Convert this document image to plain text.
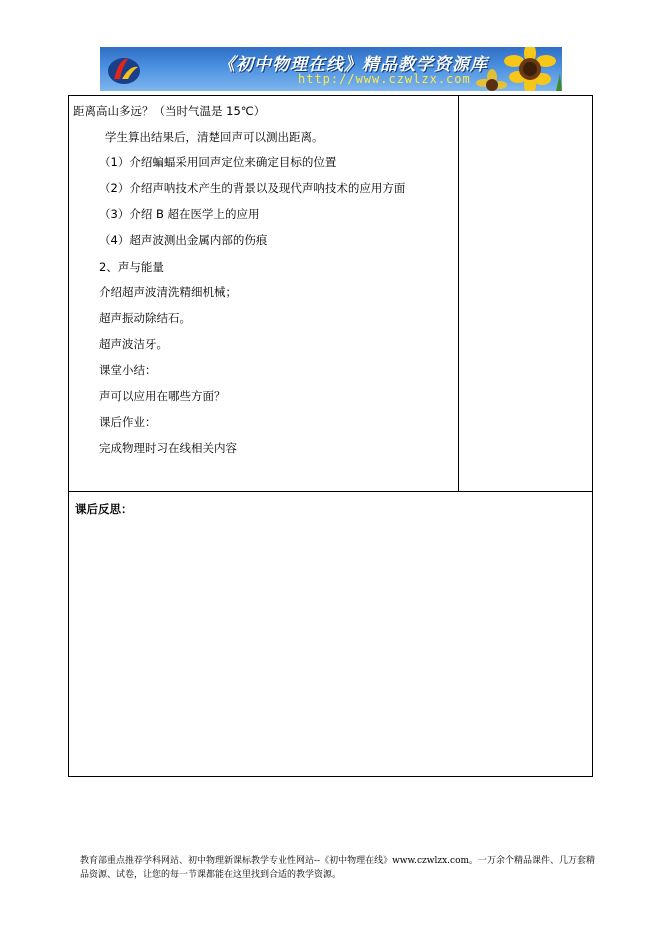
《初中物理在线》精品教学资源库
http://www.czwlzx.com
距离高山多远？（当时气温是 15℃）
学生算出结果后，清楚回声可以测出距离。
（1）介绍蝙蝠采用回声定位来确定目标的位置
（2）介绍声呐技术产生的背景以及现代声呐技术的应用方面
（3）介绍 B 超在医学上的应用
（4）超声波测出金属内部的伤痕
2、声与能量
介绍超声波清洗精细机械；
超声振动除结石。
超声波洁牙。
课堂小结：
声可以应用在哪些方面？
课后作业：
完成物理时习在线相关内容
课后反思：
教育部重点推荐学科网站、初中物理新课标教学专业性网站--《初中物理在线》www.czwlzx.com。一万余个精品课件、几万套精品资源、试卷，让您的每一节课都能在这里找到合适的教学资源。
